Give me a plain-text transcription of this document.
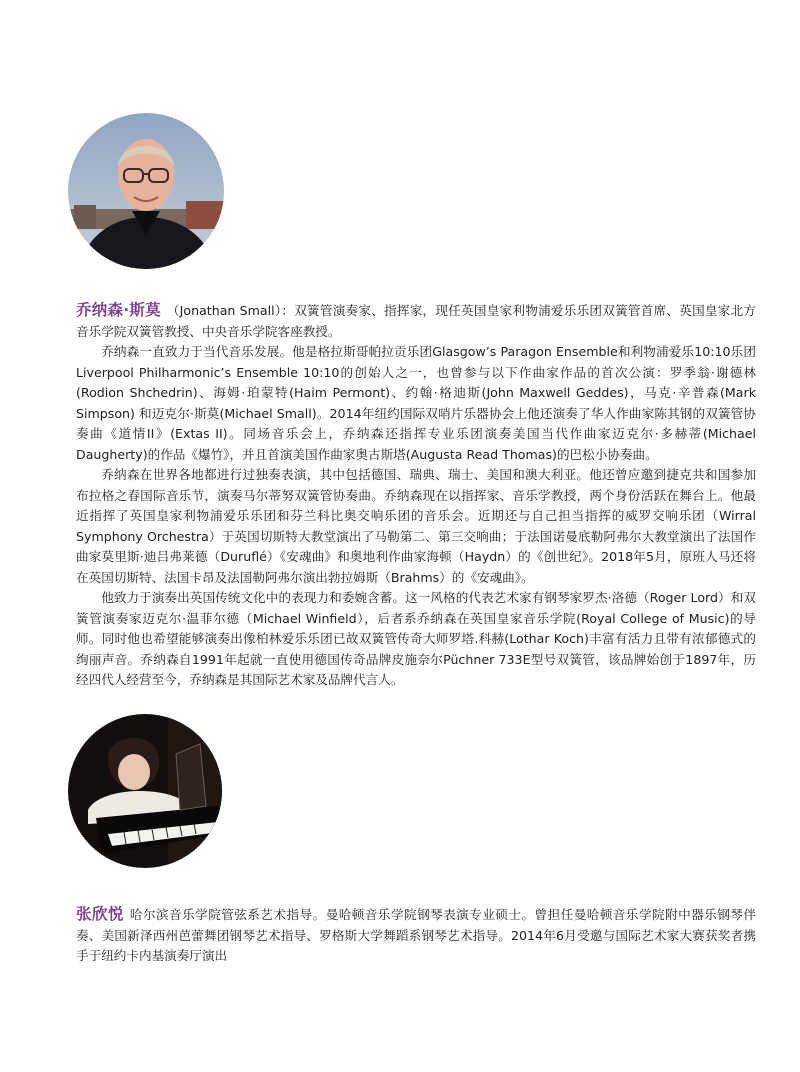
乔纳森·斯莫 （Jonathan Small）：双簧管演奏家、指挥家，现任英国皇家利物浦爱乐乐团双簧管首席、英国皇家北方音乐学院双簧管教授、中央音乐学院客座教授。

乔纳森一直致力于当代音乐发展。他是格拉斯哥帕拉贡乐团Glasgow’s Paragon Ensemble和利物浦爱乐10:10乐团Liverpool Philharmonic’s Ensemble 10:10的创始人之一，也曾参与以下作曲家作品的首次公演：罗季翁·谢德林(Rodion Shchedrin)、海姆·珀蒙特(Haim Permont)、约翰·格迪斯(John Maxwell Geddes)，马克·辛普森(Mark Simpson) 和迈克尔·斯莫(Michael Small)。2014年纽约国际双哨片乐器协会上他还演奏了华人作曲家陈其钢的双簧管协奏曲《道情II》(Extas II)。同场音乐会上，乔纳森还指挥专业乐团演奏美国当代作曲家迈克尔·多赫蒂(Michael Daugherty)的作品《爆竹》，并且首演美国作曲家奥古斯塔(Augusta Read Thomas)的巴松小协奏曲。

乔纳森在世界各地都进行过独奏表演，其中包括德国、瑞典、瑞士、美国和澳大利亚。他还曾应邀到捷克共和国参加布拉格之春国际音乐节，演奏马尔蒂努双簧管协奏曲。乔纳森现在以指挥家、音乐学教授，两个身份活跃在舞台上。他最近指挥了英国皇家利物浦爱乐乐团和芬兰科比奥交响乐团的音乐会。近期还与自己担当指挥的威罗交响乐团（Wirral Symphony Orchestra）于英国切斯特大教堂演出了马勒第二、第三交响曲；于法国诺曼底勒阿弗尔大教堂演出了法国作曲家莫里斯·迪吕弗莱德（Duruflé）《安魂曲》和奥地利作曲家海顿（Haydn）的《创世纪》。2018年5月，原班人马还将在英国切斯特、法国卡昂及法国勒阿弗尔演出勃拉姆斯（Brahms）的《安魂曲》。

他致力于演奏出英国传统文化中的表现力和委婉含蓄。这一风格的代表艺术家有钢琴家罗杰·洛德（Roger Lord）和双簧管演奏家迈克尔·温菲尔德（Michael Winfield），后者系乔纳森在英国皇家音乐学院(Royal College of Music)的导师。同时他也希望能够演奏出像柏林爱乐乐团已故双簧管传奇大师罗塔.科赫(Lothar Koch)丰富有活力且带有浓郁德式的绚丽声音。乔纳森自1991年起就一直使用德国传奇品牌皮施奈尔Püchner 733E型号双簧管，该品牌始创于1897年，历经四代人经营至今，乔纳森是其国际艺术家及品牌代言人。

张欣悦 哈尔滨音乐学院管弦系艺术指导。曼哈顿音乐学院钢琴表演专业硕士。曾担任曼哈顿音乐学院附中器乐钢琴伴奏、美国新泽西州芭蕾舞团钢琴艺术指导、罗格斯大学舞蹈系钢琴艺术指导。2014年6月受邀与国际艺术家大赛获奖者携手于纽约卡内基演奏厅演出
